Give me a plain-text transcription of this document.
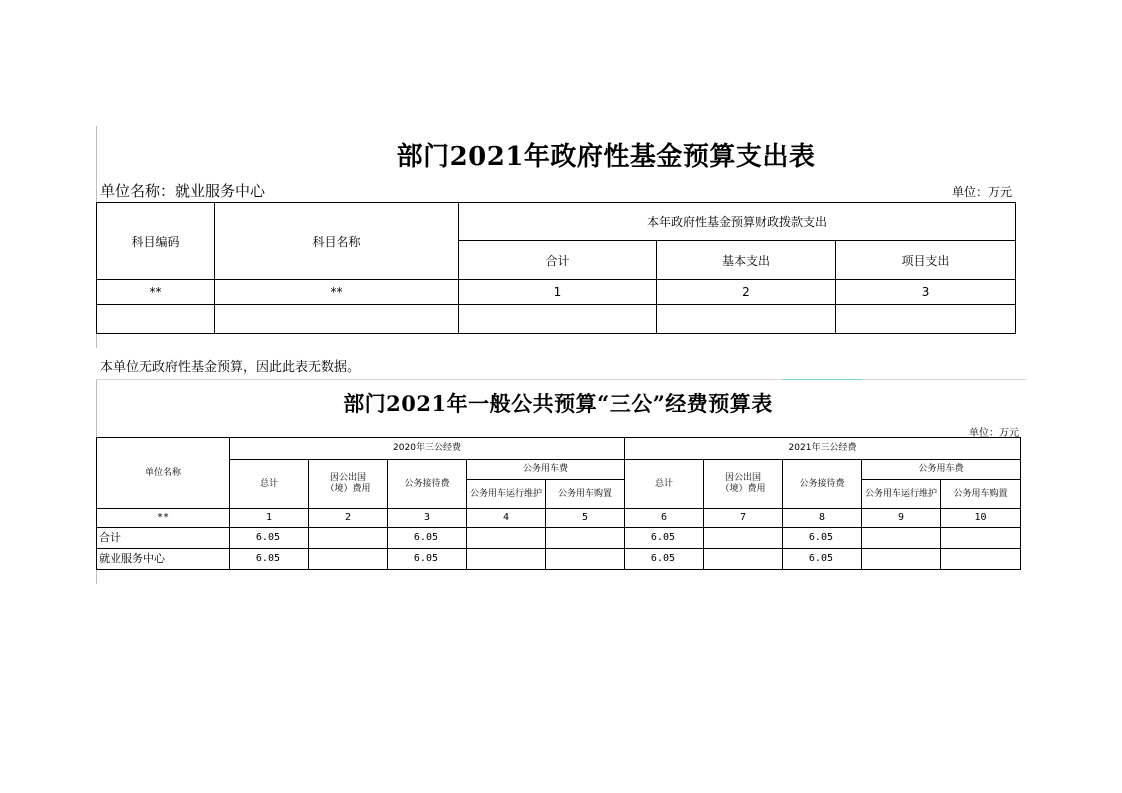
部门2021年政府性基金预算支出表
单位名称：就业服务中心	单位：万元
科目编码	科目名称	本年政府性基金预算财政拨款支出		
		合计	基本支出	项目支出
**	**	1	2	3

本单位无政府性基金预算，因此此表无数据。
部门2021年一般公共预算“三公”经费预算表
单位：万元
单位名称	2020年三公经费					2021年三公经费				
	总计	因公出国（境）费用	公务接待费	公务用车费		总计	因公出国（境）费用	公务接待费	公务用车费	
				公务用车运行维护	公务用车购置				公务用车运行维护	公务用车购置
**	1	2	3	4	5	6	7	8	9	10
合计	6.05		6.05			6.05		6.05		
就业服务中心	6.05		6.05			6.05		6.05		
